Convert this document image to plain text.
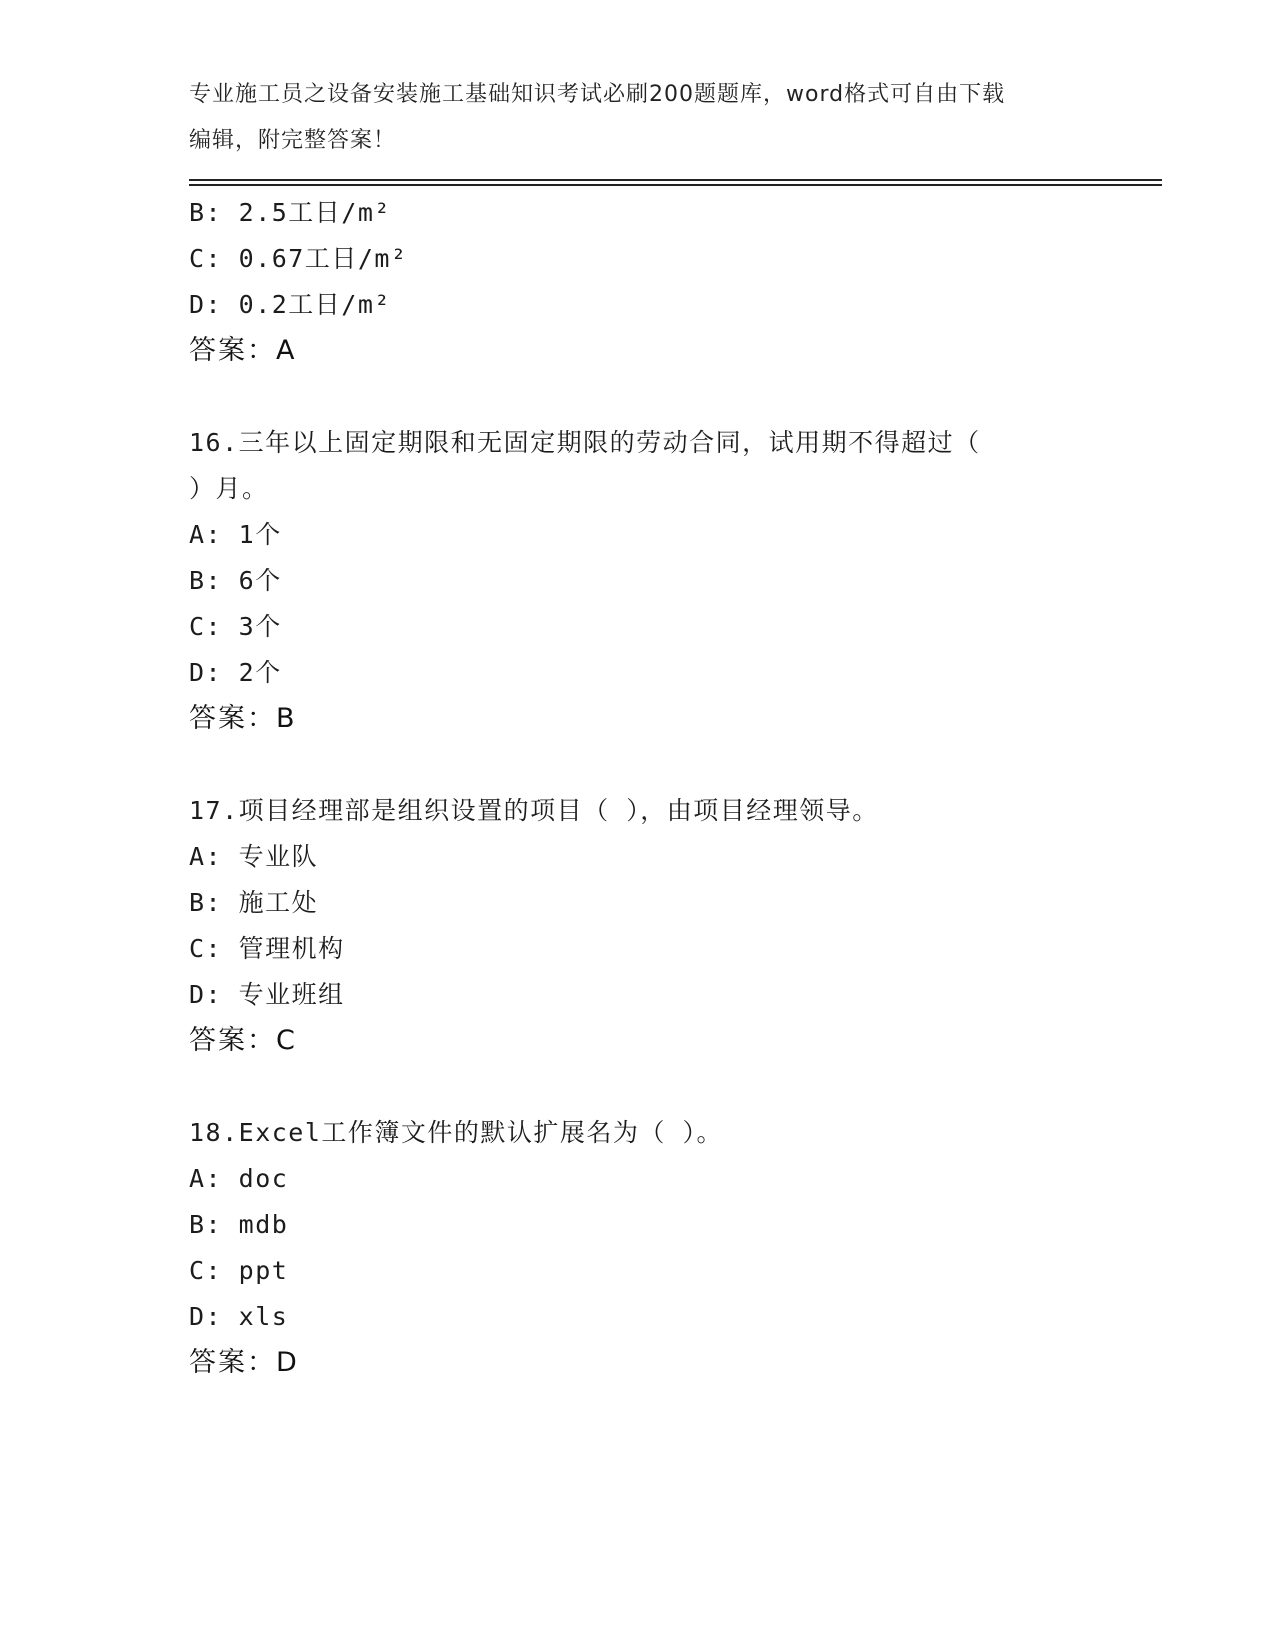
专业施工员之设备安装施工基础知识考试必刷200题题库，word格式可自由下载
编辑，附完整答案！
B: 2.5工日/m²
C: 0.67工日/m²
D: 0.2工日/m²
答案：A
16.三年以上固定期限和无固定期限的劳动合同，试用期不得超过（
）月。
A: 1个
B: 6个
C: 3个
D: 2个
答案：B
17.项目经理部是组织设置的项目（ ），由项目经理领导。
A: 专业队
B: 施工处
C: 管理机构
D: 专业班组
答案：C
18.Excel工作簿文件的默认扩展名为（ ）。
A: doc
B: mdb
C: ppt
D: xls
答案：D
